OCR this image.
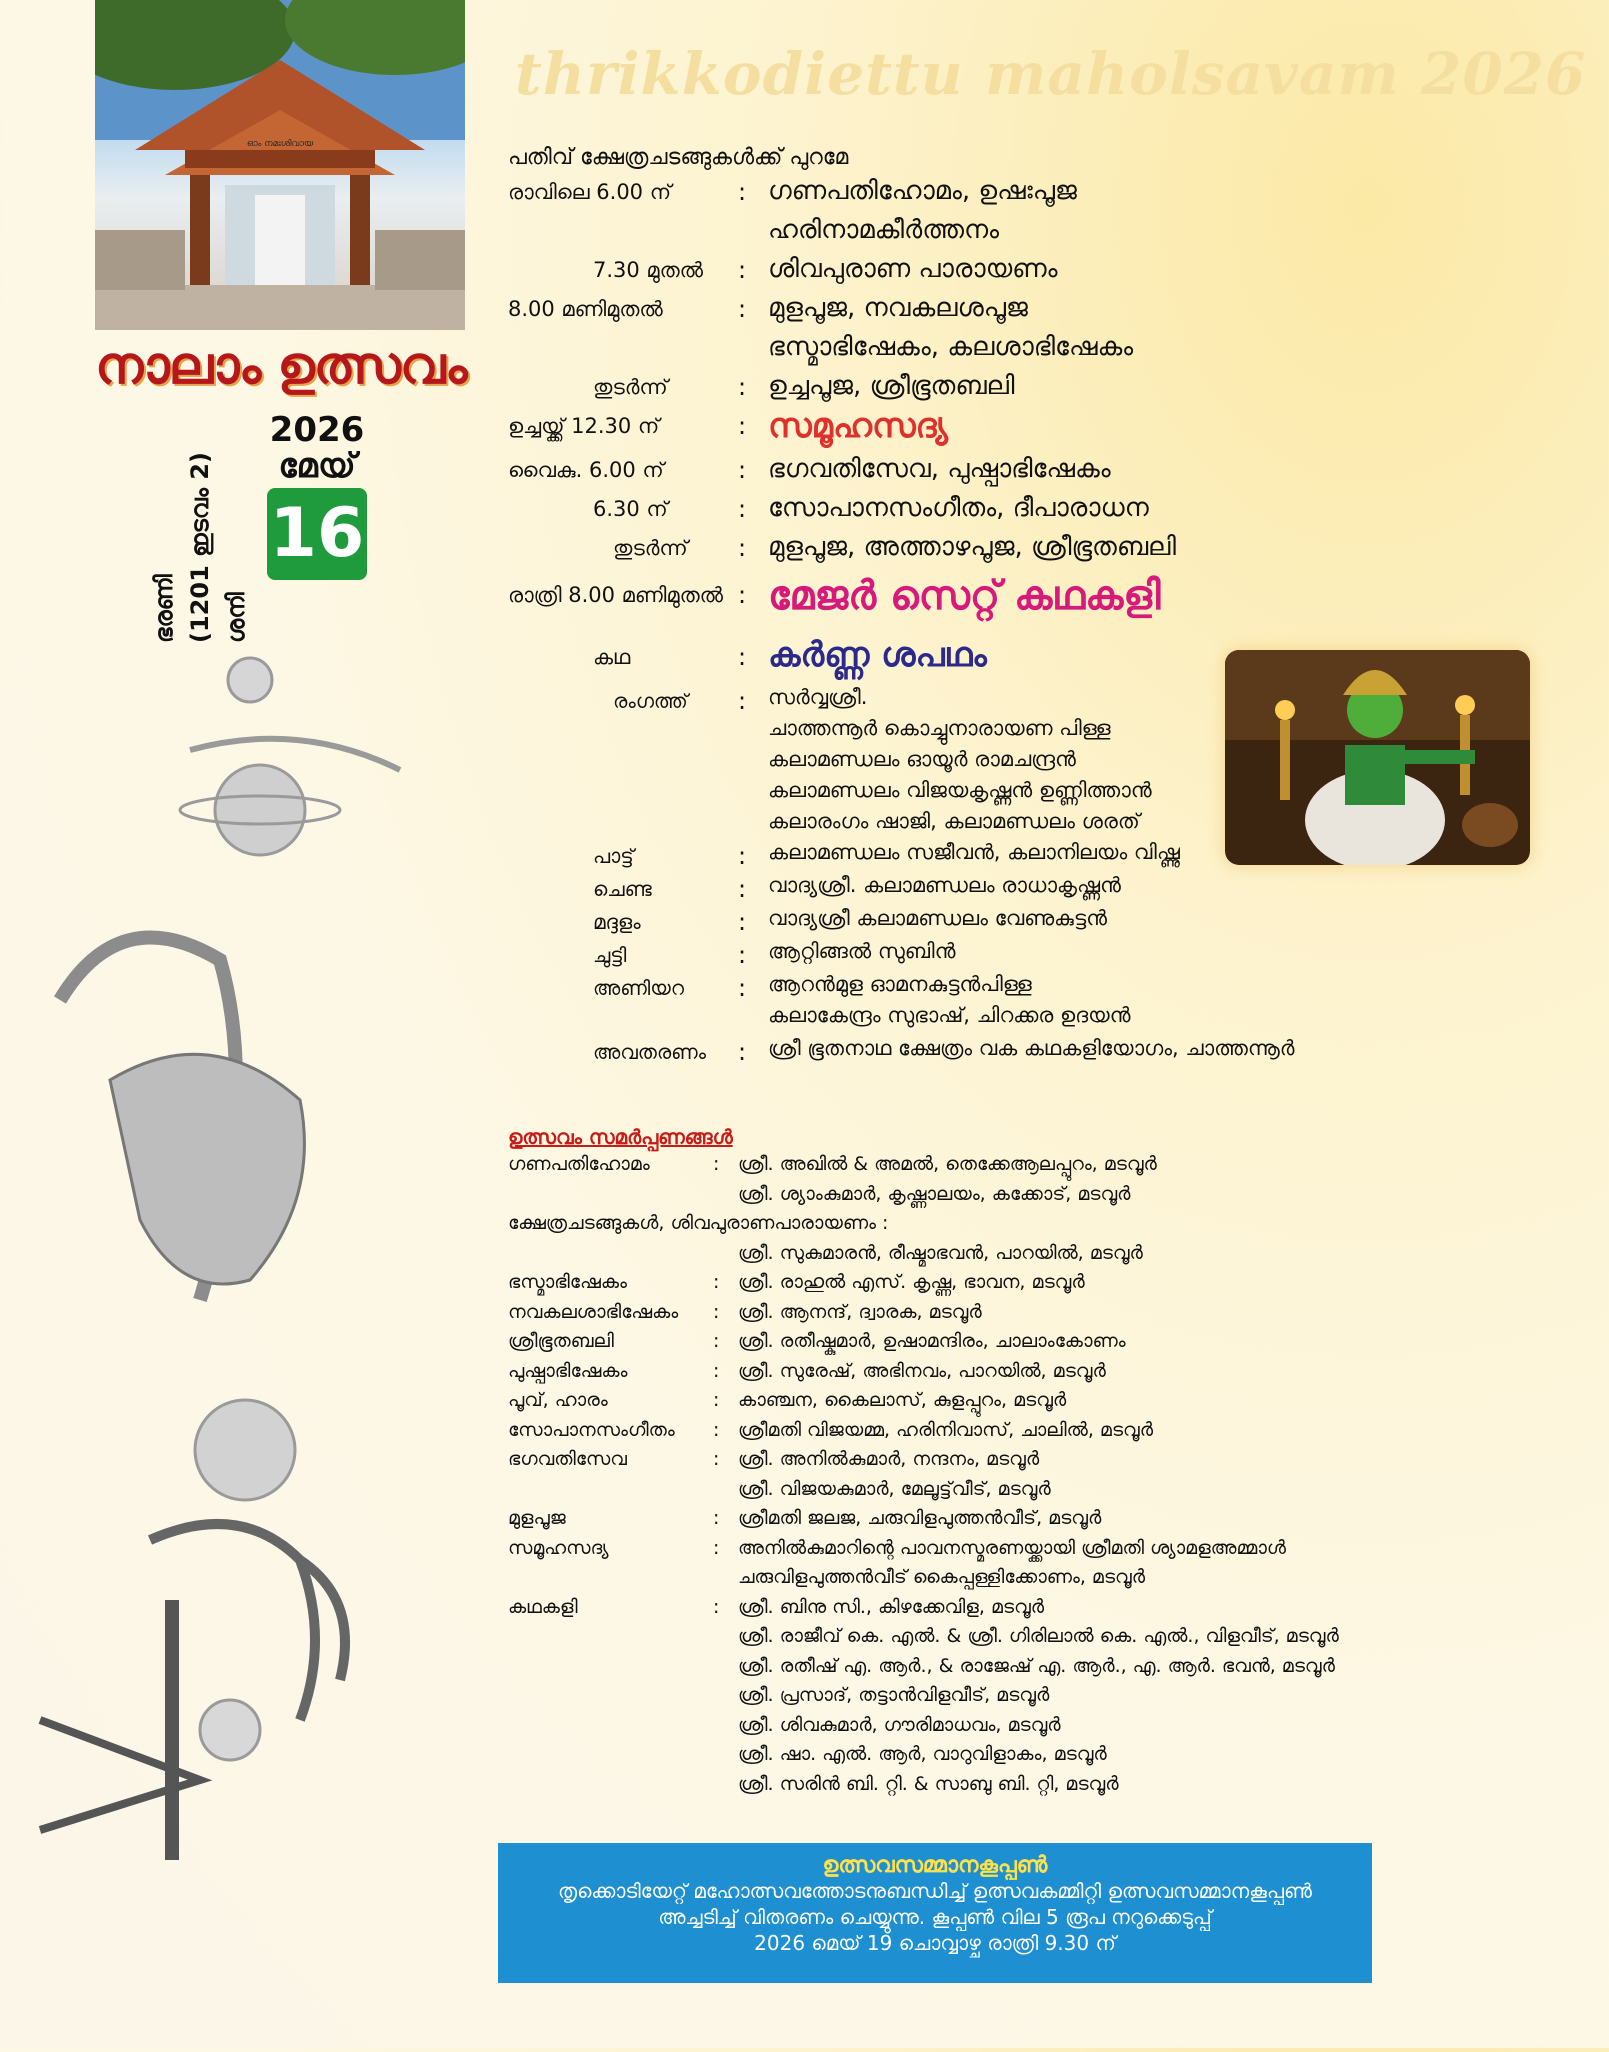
thrikkodiettu maholsavam 2026
ഓം നമഃശിവായ
നാലാം ഉത്സവം
ഭരണി (1201 ഇടവം 2) ശനി
2026
മേയ്
16
പതിവ് ക്ഷേത്രചടങ്ങുകൾക്ക് പുറമേ
രാവിലെ 6.00 ന്	: ഗണപതിഹോമം, ഉഷഃപൂജ
ഹരിനാമകീർത്തനം
7.30 മുതൽ : ശിവപുരാണ പാരായണം
8.00 മണിമുതൽ	: മുളപൂജ, നവകലശപൂജ
ഭസ്മാഭിഷേകം, കലശാഭിഷേകം
തുടർന്ന്	: ഉച്ചപൂജ, ശ്രീഭൂതബലി
ഉച്ചയ്ക്ക് 12.30 ന്	: സമൂഹസദ്യ
വൈകു. 6.00 ന്	: ഭഗവതിസേവ, പുഷ്പാഭിഷേകം
6.30 ന്	: സോപാനസംഗീതം, ദീപാരാധന
തുടർന്ന് : മുളപൂജ, അത്താഴപൂജ, ശ്രീഭൂതബലി
രാത്രി 8.00 മണിമുതൽ : മേജർ സെറ്റ് കഥകളി
കഥ	: കർണ്ണ ശപഥം
രംഗത്ത് : സർവ്വശ്രീ.
ചാത്തന്നൂർ കൊച്ചുനാരായണ പിള്ള
കലാമണ്ഡലം ഓയൂർ രാമചന്ദ്രൻ
കലാമണ്ഡലം വിജയകൃഷ്ണൻ ഉണ്ണിത്താൻ
കലാരംഗം ഷാജി, കലാമണ്ഡലം ശരത്
പാട്ട്	: കലാമണ്ഡലം സജീവൻ, കലാനിലയം വിഷ്ണു
ചെണ്ട	: വാദ്യശ്രീ. കലാമണ്ഡലം രാധാകൃഷ്ണൻ
മദ്ദളം	: വാദ്യശ്രീ കലാമണ്ഡലം വേണുകുട്ടൻ
ചുട്ടി	: ആറ്റിങ്ങൽ സുബിൻ
അണിയറ : ആറൻമുള ഓമനകുട്ടൻപിള്ള
കലാകേന്ദ്രം സുഭാഷ്, ചിറക്കര ഉദയൻ
അവതരണം : ശ്രീ ഭൂതനാഥ ക്ഷേത്രം വക കഥകളിയോഗം, ചാത്തന്നൂർ
ഉത്സവം സമർപ്പണങ്ങൾ
ഗണപതിഹോമം	: ശ്രീ. അഖിൽ & അമൽ, തെക്കേആലപ്പുറം, മടവൂർ
ശ്രീ. ശ്യാംകുമാർ, കൃഷ്ണാലയം, കക്കോട്, മടവൂർ
ക്ഷേത്രചടങ്ങുകൾ, ശിവപുരാണപാരായണം :
ശ്രീ. സുകുമാരൻ, രീഷ്മാഭവൻ, പാറയിൽ, മടവൂർ
ഭസ്മാഭിഷേകം	: ശ്രീ. രാഹുൽ എസ്. കൃഷ്ണ, ഭാവന, മടവൂർ
നവകലശാഭിഷേകം : ശ്രീ. ആനന്ദ്, ദ്വാരക, മടവൂർ
ശ്രീഭൂതബലി	: ശ്രീ. രതീഷ്കുമാർ, ഉഷാമന്ദിരം, ചാലാംകോണം
പുഷ്പാഭിഷേകം	: ശ്രീ. സുരേഷ്, അഭിനവം, പാറയിൽ, മടവൂർ
പൂവ്, ഹാരം	: കാഞ്ചന, കൈലാസ്, കുളപ്പുറം, മടവൂർ
സോപാനസംഗീതം : ശ്രീമതി വിജയമ്മ, ഹരിനിവാസ്, ചാലിൽ, മടവൂർ
ഭഗവതിസേവ	: ശ്രീ. അനിൽകുമാർ, നന്ദനം, മടവൂർ
ശ്രീ. വിജയകുമാർ, മേലൂട്ട്‌വീട്, മടവൂർ
മുളപൂജ	: ശ്രീമതി ജലജ, ചരുവിളപുത്തൻവീട്, മടവൂർ
സമൂഹസദ്യ	: അനിൽകുമാറിന്റെ പാവനസ്മരണയ്ക്കായി ശ്രീമതി ശ്യാമളഅമ്മാൾ
ചരുവിളപുത്തൻവീട് കൈപ്പള്ളിക്കോണം, മടവൂർ
കഥകളി	: ശ്രീ. ബിനു സി., കിഴക്കേവിള, മടവൂർ
ശ്രീ. രാജീവ് കെ. എൽ. & ശ്രീ. ഗിരിലാൽ കെ. എൽ., വിളവീട്, മടവൂർ
ശ്രീ. രതീഷ് എ. ആർ., & രാജേഷ് എ. ആർ., എ. ആർ. ഭവൻ, മടവൂർ
ശ്രീ. പ്രസാദ്, തട്ടാൻവിളവീട്, മടവൂർ
ശ്രീ. ശിവകുമാർ, ഗൗരിമാധവം, മടവൂർ
ശ്രീ. ഷാ. എൽ. ആർ, വാറുവിളാകം, മടവൂർ
ശ്രീ. സരിൻ ബി. റ്റി. & സാബു ബി. റ്റി, മടവൂർ
ഉത്സവസമ്മാനകൂപ്പൺ
തൃക്കൊടിയേറ്റ് മഹോത്സവത്തോടനുബന്ധിച്ച് ഉത്സവകമ്മിറ്റി ഉത്സവസമ്മാനകൂപ്പൺ
അച്ചടിച്ച് വിതരണം ചെയ്യുന്നു. കൂപ്പൺ വില 5 രൂപ നറുക്കെടുപ്പ്
2026 മെയ് 19 ചൊവ്വാഴ്ച രാത്രി 9.30 ന്
